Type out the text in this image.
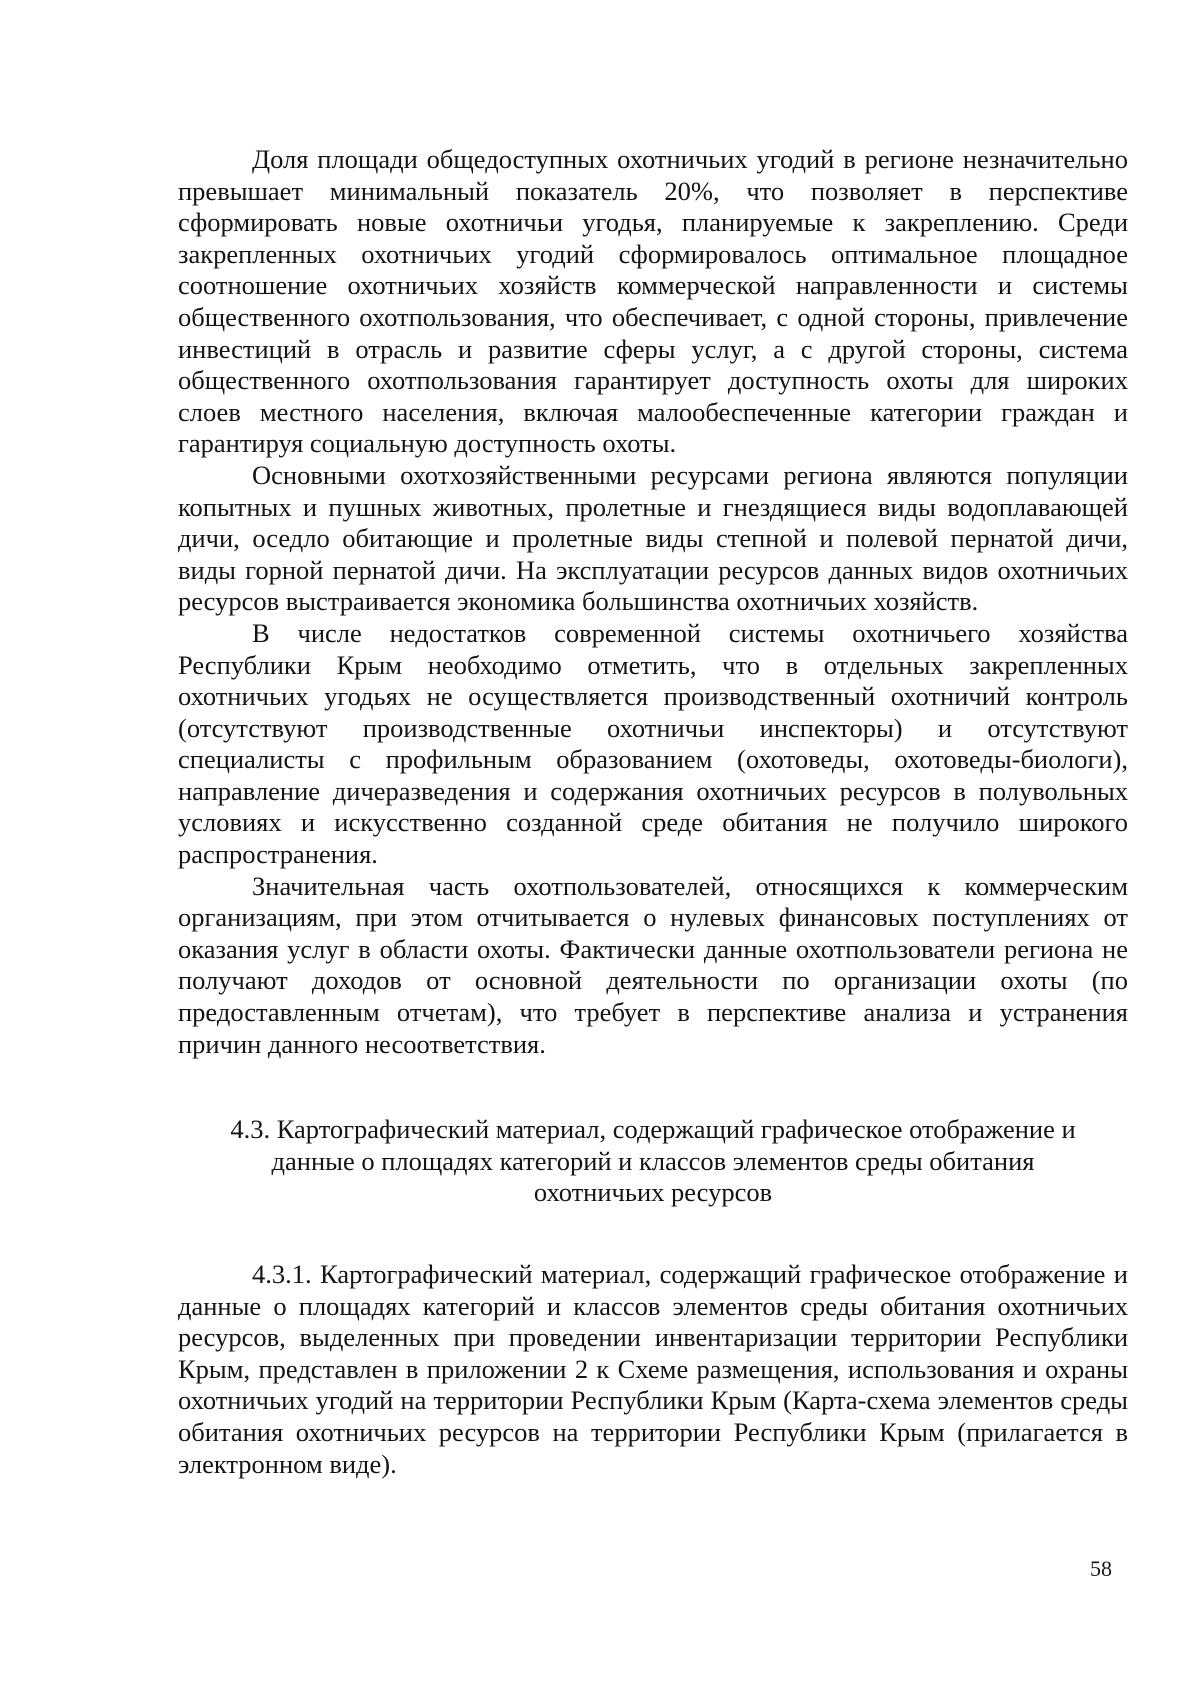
Доля площади общедоступных охотничьих угодий в регионе незначительно превышает минимальный показатель 20%, что позволяет в перспективе сформировать новые охотничьи угодья, планируемые к закреплению. Среди закрепленных охотничьих угодий сформировалось оптимальное площадное соотношение охотничьих хозяйств коммерческой направленности и системы общественного охотпользования, что обеспечивает, с одной стороны, привлечение инвестиций в отрасль и развитие сферы услуг, а с другой стороны, система общественного охотпользования гарантирует доступность охоты для широких слоев местного населения, включая малообеспеченные категории граждан и гарантируя социальную доступность охоты.

Основными охотхозяйственными ресурсами региона являются популяции копытных и пушных животных, пролетные и гнездящиеся виды водоплавающей дичи, оседло обитающие и пролетные виды степной и полевой пернатой дичи, виды горной пернатой дичи. На эксплуатации ресурсов данных видов охотничьих ресурсов выстраивается экономика большинства охотничьих хозяйств.

В числе недостатков современной системы охотничьего хозяйства Республики Крым необходимо отметить, что в отдельных закрепленных охотничьих угодьях не осуществляется производственный охотничий контроль (отсутствуют производственные охотничьи инспекторы) и отсутствуют специалисты с профильным образованием (охотоведы, охотоведы-биологи), направление дичеразведения и содержания охотничьих ресурсов в полувольных условиях и искусственно созданной среде обитания не получило широкого распространения.

Значительная часть охотпользователей, относящихся к коммерческим организациям, при этом отчитывается о нулевых финансовых поступлениях от оказания услуг в области охоты. Фактически данные охотпользователи региона не получают доходов от основной деятельности по организации охоты (по предоставленным отчетам), что требует в перспективе анализа и устранения причин данного несоответствия.

4.3. Картографический материал, содержащий графическое отображение и
данные о площадях категорий и классов элементов среды обитания
охотничьих ресурсов

4.3.1. Картографический материал, содержащий графическое отображение и данные о площадях категорий и классов элементов среды обитания охотничьих ресурсов, выделенных при проведении инвентаризации территории Республики Крым, представлен в приложении 2 к Схеме размещения, использования и охраны охотничьих угодий на территории Республики Крым (Карта-схема элементов среды обитания охотничьих ресурсов на территории Республики Крым (прилагается в электронном виде).

58
